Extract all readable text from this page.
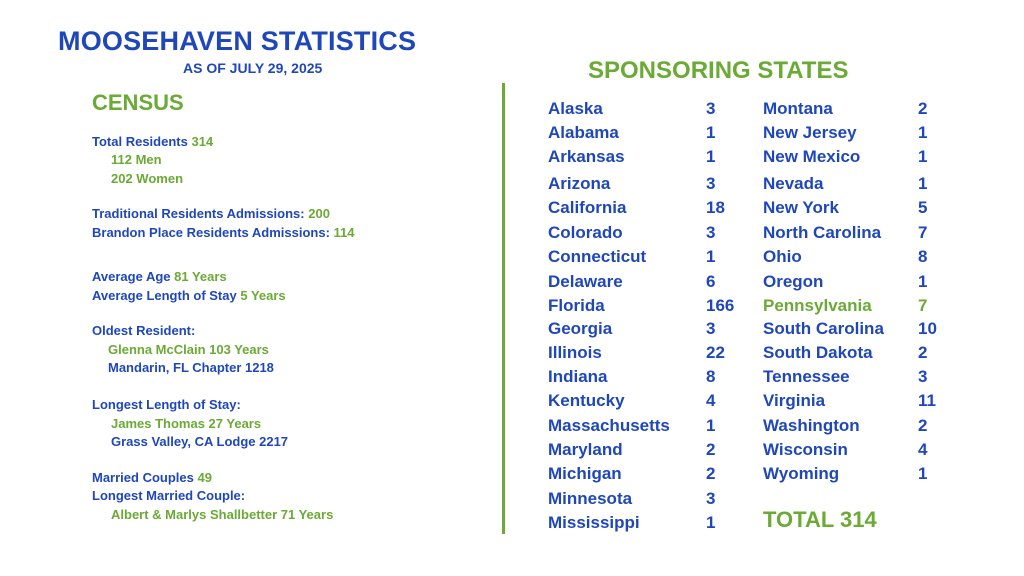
MOOSEHAVEN STATISTICS
AS OF JULY 29, 2025
CENSUS
Total Residents 314
112 Men
202 Women
Traditional Residents Admissions: 200
Brandon Place Residents Admissions: 114
Average Age 81 Years
Average Length of Stay 5 Years
Oldest Resident:
Glenna McClain 103 Years
Mandarin, FL Chapter 1218
Longest Length of Stay:
James Thomas 27 Years
Grass Valley, CA Lodge 2217
Married Couples 49
Longest Married Couple:
Albert & Marlys Shallbetter 71 Years
SPONSORING STATES
Alaska	3
Alabama	1
Arkansas	1
Arizona	3
California	18
Colorado	3
Connecticut	1
Delaware	6
Florida	166
Georgia	3
Illinois	22
Indiana	8
Kentucky	4
Massachusetts 1
Maryland	2
Michigan	2
Minnesota	3
Mississippi	1
Montana	2
New Jersey	1
New Mexico	1
Nevada	1
New York	5
North Carolina 7
Ohio	8
Oregon	1
Pennsylvania	7
South Carolina 10
South Dakota	2
Tennessee	3
Virginia	11
Washington	2
Wisconsin	4
Wyoming	1
TOTAL 314
